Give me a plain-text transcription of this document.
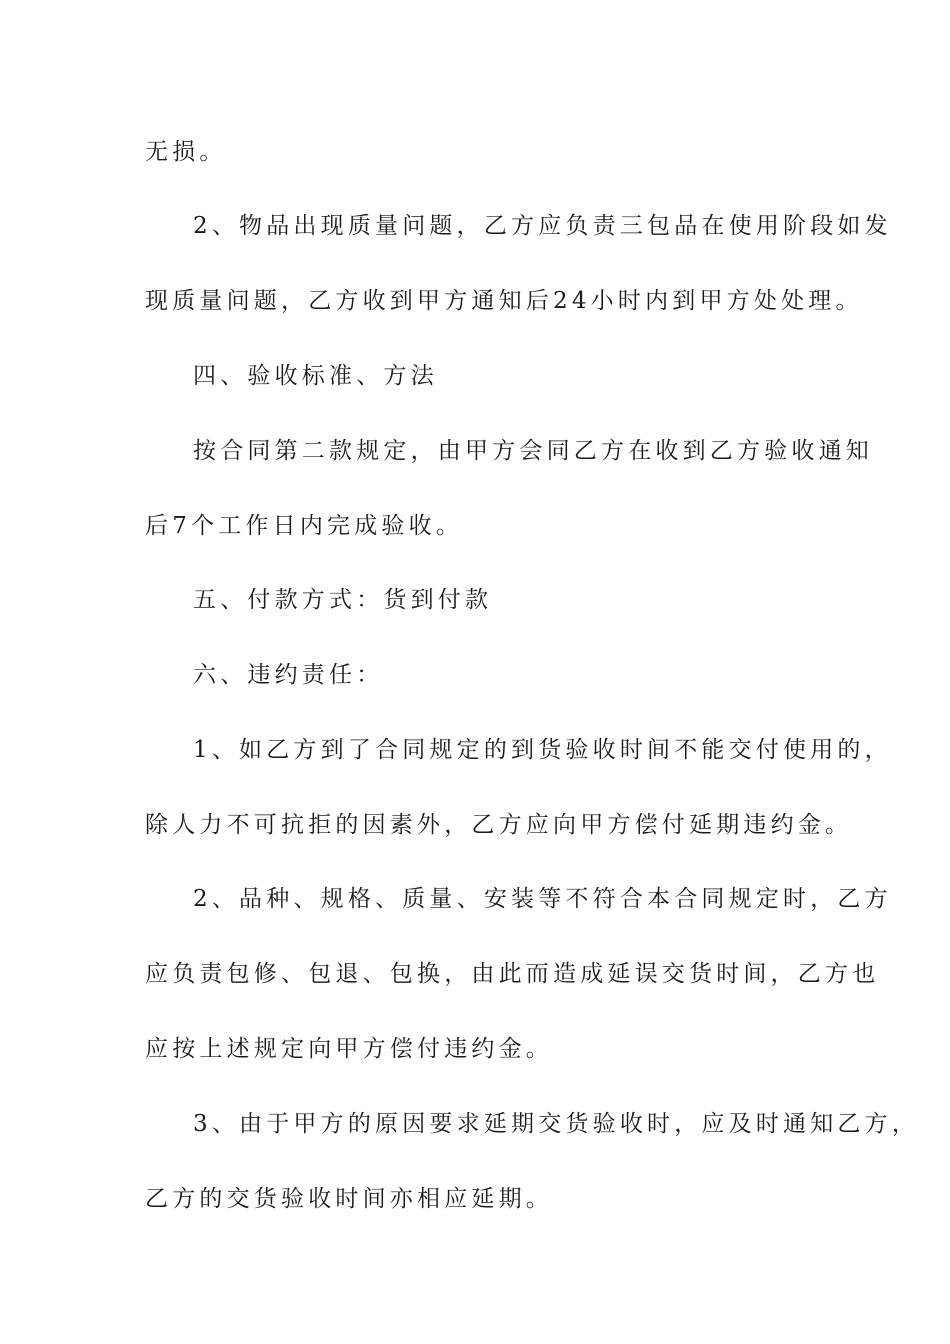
无损。

2、物品出现质量问题，乙方应负责三包品在使用阶段如发

现质量问题，乙方收到甲方通知后24小时内到甲方处处理。

四、验收标准、方法

按合同第二款规定，由甲方会同乙方在收到乙方验收通知

后7个工作日内完成验收。

五、付款方式：货到付款

六、违约责任：

1、如乙方到了合同规定的到货验收时间不能交付使用的，

除人力不可抗拒的因素外，乙方应向甲方偿付延期违约金。

2、品种、规格、质量、安装等不符合本合同规定时，乙方

应负责包修、包退、包换，由此而造成延误交货时间，乙方也

应按上述规定向甲方偿付违约金。

3、由于甲方的原因要求延期交货验收时，应及时通知乙方，

乙方的交货验收时间亦相应延期。
